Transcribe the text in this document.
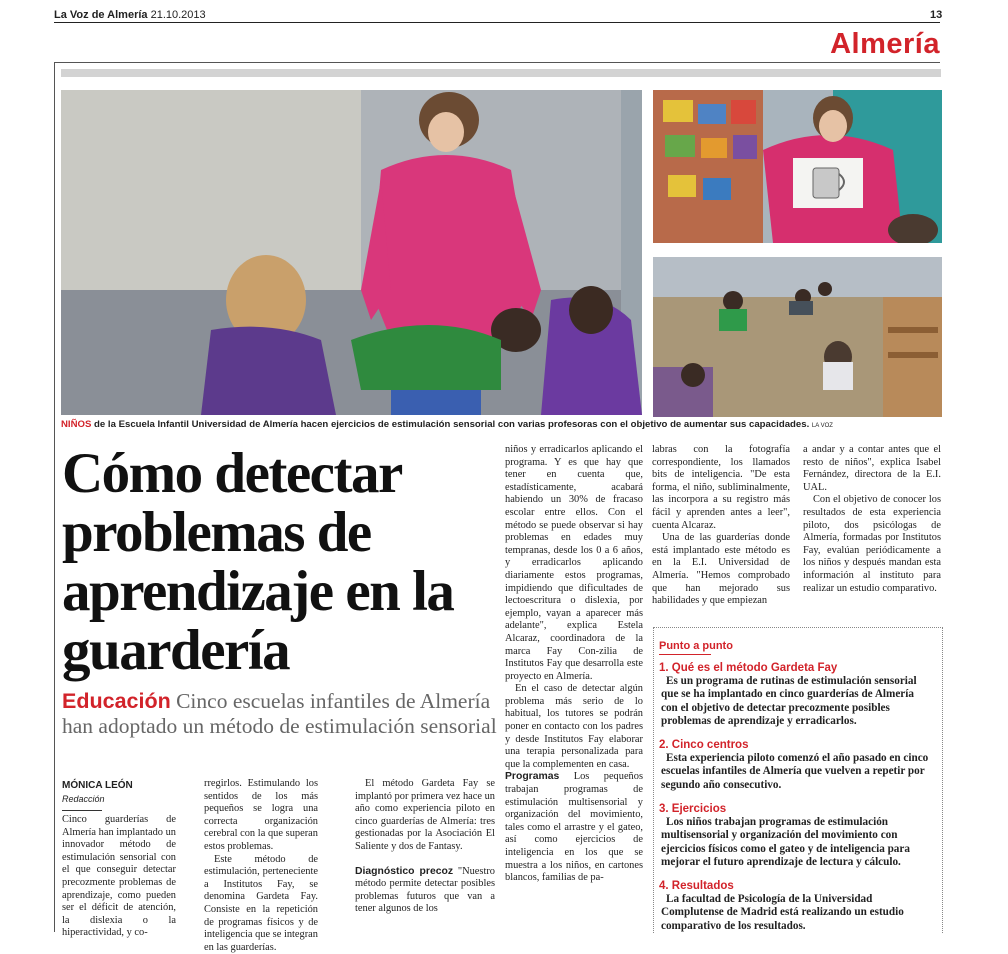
La Voz de Almería 21.10.2013	13
Almería
NIÑOS de la Escuela Infantil Universidad de Almería hacen ejercicios de estimulación sensorial con varias profesoras con el objetivo de aumentar sus capacidades. LA VOZ
Cómo detectar problemas de aprendizaje en la guardería
Educación Cinco escuelas infantiles de Almería han adoptado un método de estimulación sensorial
MÓNICA LEÓN
Redacción

Cinco guarderías de Almería han implantado un innovador método de estimulación sensorial con el que conseguir detectar precozmente problemas de aprendizaje, como pueden ser el déficit de atención, la dislexia o la hiperactividad, y co-

rregirlos. Estimulando los sentidos de los más pequeños se logra una correcta organización cerebral con la que superan estos problemas.

Este método de estimulación, perteneciente a Institutos Fay, se denomina Gardeta Fay. Consiste en la repetición de programas físicos y de inteligencia que se integran en las guarderías.

El método Gardeta Fay se implantó por primera vez hace un año como experiencia piloto en cinco guarderías de Almería: tres gestionadas por la Asociación El Saliente y dos de Fantasy.

Diagnóstico precoz "Nuestro método permite detectar posibles problemas futuros que van a tener algunos de los

niños y erradicarlos aplicando el programa. Y es que hay que tener en cuenta que, estadísticamente, acabará habiendo un 30% de fracaso escolar entre ellos. Con el método se puede observar si hay problemas en edades muy tempranas, desde los 0 a 6 años, y erradicarlos aplicando diariamente estos programas, impidiendo que dificultades de lectoescritura o dislexia, por ejemplo, vayan a aparecer más adelante", explica Estela Alcaraz, coordinadora de la marca Fay Con-zilia de Institutos Fay que desarrolla este proyecto en Almería.

En el caso de detectar algún problema más serio de lo habitual, los tutores se podrán poner en contacto con los padres y desde Institutos Fay elaborar una terapia personalizada para que la complementen en casa.

Programas Los pequeños trabajan programas de estimulación multisensorial y organización del movimiento, tales como el arrastre y el gateo, así como ejercicios de inteligencia en los que se muestra a los niños, en cartones blancos, familias de pa-

labras con la fotografía correspondiente, los llamados bits de inteligencia. "De esta forma, el niño, subliminalmente, las incorpora a su registro más fácil y aprenden antes a leer", cuenta Alcaraz.

Una de las guarderías donde está implantado este método es en la E.I. Universidad de Almería. "Hemos comprobado que han mejorado sus habilidades y que empiezan

a andar y a contar antes que el resto de niños", explica Isabel Fernández, directora de la E.I. UAL.

Con el objetivo de conocer los resultados de esta experiencia piloto, dos psicólogas de Almería, formadas por Institutos Fay, evalúan periódicamente a los niños y después mandan esta información al instituto para realizar un estudio comparativo.

Punto a punto
1. Qué es el método Gardeta Fay
Es un programa de rutinas de estimulación sensorial que se ha implantado en cinco guarderías de Almería con el objetivo de detectar precozmente posibles problemas de aprendizaje y erradicarlos.
2. Cinco centros
Esta experiencia piloto comenzó el año pasado en cinco escuelas infantiles de Almería que vuelven a repetir por segundo año consecutivo.
3. Ejercicios
Los niños trabajan programas de estimulación multisensorial y organización del movimiento con ejercicios físicos como el gateo y de inteligencia para mejorar el futuro aprendizaje de lectura y cálculo.
4. Resultados
La facultad de Psicología de la Universidad Complutense de Madrid está realizando un estudio comparativo de los resultados.
